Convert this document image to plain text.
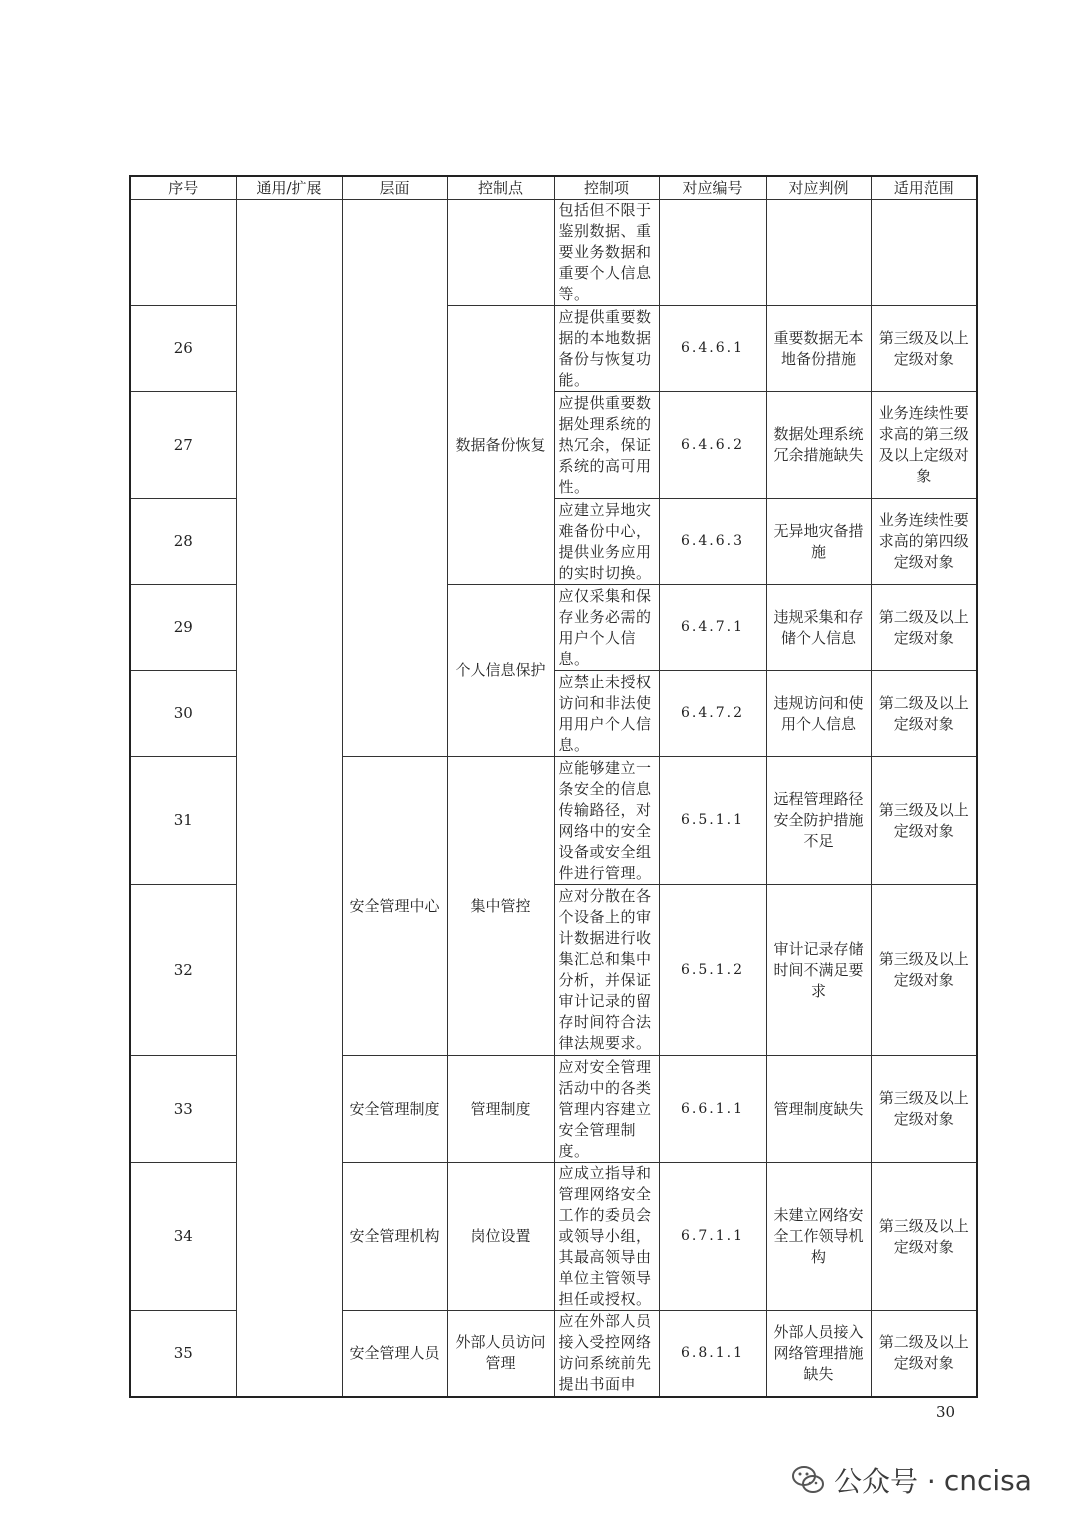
序号	通用/扩展	层面	控制点	控制项	对应编号	对应判例	适用范围
				包括但不限于鉴别数据、重要业务数据和重要个人信息等。			
26			数据备份恢复	应提供重要数据的本地数据备份与恢复功能。	6.4.6.1	重要数据无本地备份措施	第三级及以上定级对象
27				应提供重要数据处理系统的热冗余，保证系统的高可用性。	6.4.6.2	数据处理系统冗余措施缺失	业务连续性要求高的第三级及以上定级对象
28				应建立异地灾难备份中心，提供业务应用的实时切换。	6.4.6.3	无异地灾备措施	业务连续性要求高的第四级定级对象
29			个人信息保护	应仅采集和保存业务必需的用户个人信息。	6.4.7.1	违规采集和存储个人信息	第二级及以上定级对象
30				应禁止未授权访问和非法使用用户个人信息。	6.4.7.2	违规访问和使用个人信息	第二级及以上定级对象
31		安全管理中心	集中管控	应能够建立一条安全的信息传输路径，对网络中的安全设备或安全组件进行管理。	6.5.1.1	远程管理路径安全防护措施不足	第三级及以上定级对象
32				应对分散在各个设备上的审计数据进行收集汇总和集中分析，并保证审计记录的留存时间符合法律法规要求。	6.5.1.2	审计记录存储时间不满足要求	第三级及以上定级对象
33		安全管理制度	管理制度	应对安全管理活动中的各类管理内容建立安全管理制度。	6.6.1.1	管理制度缺失	第三级及以上定级对象
34		安全管理机构	岗位设置	应成立指导和管理网络安全工作的委员会或领导小组，其最高领导由单位主管领导担任或授权。	6.7.1.1	未建立网络安全工作领导机构	第三级及以上定级对象
35		安全管理人员	外部人员访问管理	应在外部人员接入受控网络访问系统前先提出书面申	6.8.1.1	外部人员接入网络管理措施缺失	第二级及以上定级对象
30
公众号 · cncisa
